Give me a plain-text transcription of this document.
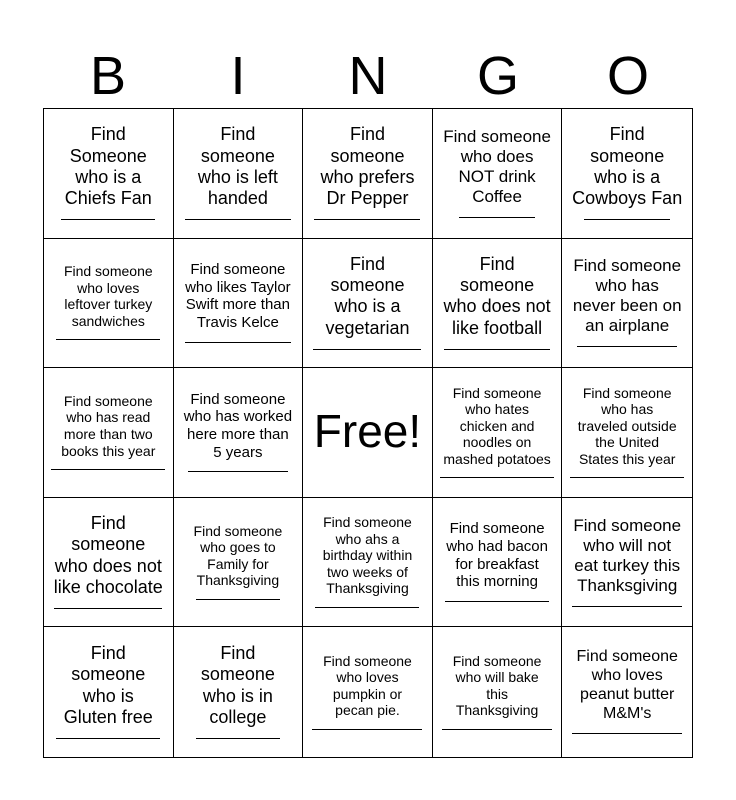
B	I	N	G	O
Find
Someone
who is a
Chiefs Fan
Find
someone
who is left
handed
Find
someone
who prefers
Dr Pepper
Find someone
who does
NOT drink
Coffee
Find
someone
who is a
Cowboys Fan
Find someone
who loves
leftover turkey
sandwiches
Find someone
who likes Taylor
Swift more than
Travis Kelce
Find
someone
who is a
vegetarian
Find
someone
who does not
like football
Find someone
who has
never been on
an airplane
Find someone
who has read
more than two
books this year
Find someone
who has worked
here more than
5 years	Free!
Find someone
who hates
chicken and
noodles on
mashed potatoes
Find someone
who has
traveled outside
the United
States this year
Find
someone
who does not
like chocolate
Find someone
who goes to
Family for
Thanksgiving
Find someone
who ahs a
birthday within
two weeks of
Thanksgiving
Find someone
who had bacon
for breakfast
this morning
Find someone
who will not
eat turkey this
Thanksgiving
Find
someone
who is
Gluten free
Find
someone
who is in
college
Find someone
who loves
pumpkin or
pecan pie.
Find someone
who will bake
this
Thanksgiving
Find someone
who loves
peanut butter
M&M's
